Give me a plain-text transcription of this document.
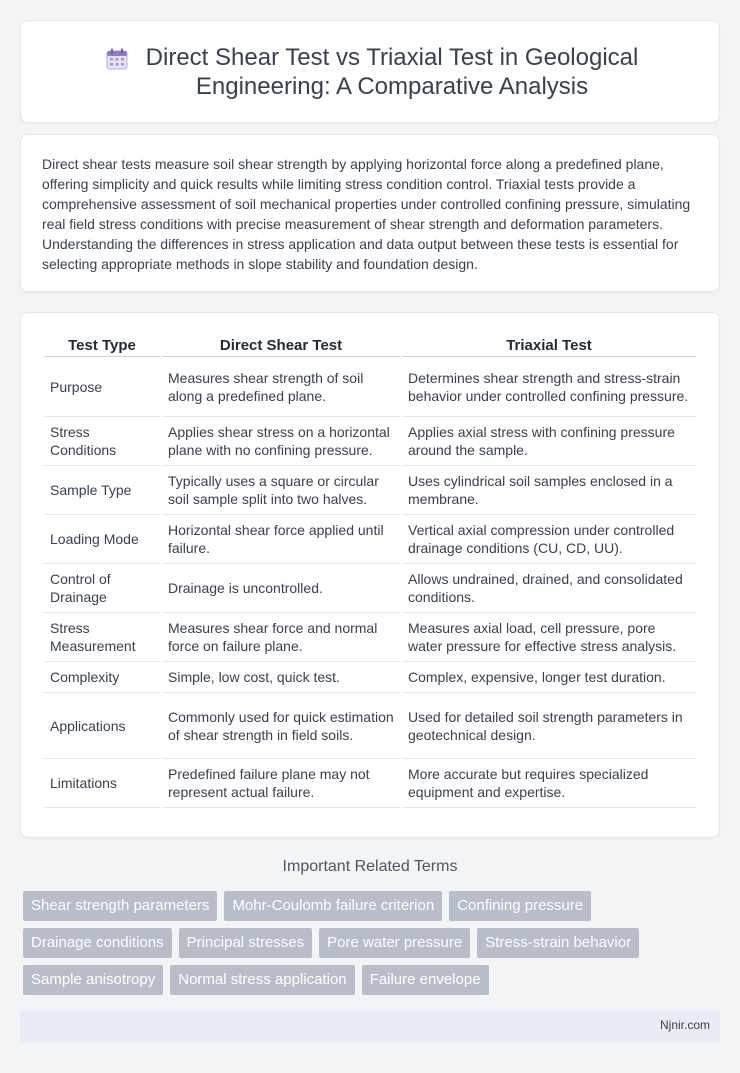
Direct Shear Test vs Triaxial Test in Geological Engineering: A Comparative Analysis

Direct shear tests measure soil shear strength by applying horizontal force along a predefined plane, offering simplicity and quick results while limiting stress condition control. Triaxial tests provide a comprehensive assessment of soil mechanical properties under controlled confining pressure, simulating real field stress conditions with precise measurement of shear strength and deformation parameters. Understanding the differences in stress application and data output between these tests is essential for selecting appropriate methods in slope stability and foundation design.

Test Type	Direct Shear Test	Triaxial Test
Purpose	Measures shear strength of soil along a predefined plane.	Determines shear strength and stress-strain behavior under controlled confining pressure.
Stress Conditions	Applies shear stress on a horizontal plane with no confining pressure.	Applies axial stress with confining pressure around the sample.
Sample Type	Typically uses a square or circular soil sample split into two halves.	Uses cylindrical soil samples enclosed in a membrane.
Loading Mode	Horizontal shear force applied until failure.	Vertical axial compression under controlled drainage conditions (CU, CD, UU).
Control of Drainage	Drainage is uncontrolled.	Allows undrained, drained, and consolidated conditions.
Stress Measurement	Measures shear force and normal force on failure plane.	Measures axial load, cell pressure, pore water pressure for effective stress analysis.
Complexity	Simple, low cost, quick test.	Complex, expensive, longer test duration.
Applications	Commonly used for quick estimation of shear strength in field soils.	Used for detailed soil strength parameters in geotechnical design.
Limitations	Predefined failure plane may not represent actual failure.	More accurate but requires specialized equipment and expertise.
Important Related Terms
Shear strength parameters	Mohr-Coulomb failure criterion	Confining pressure
Drainage conditions	Principal stresses	Pore water pressure	Stress-strain behavior
Sample anisotropy	Normal stress application	Failure envelope
Njnir.com
